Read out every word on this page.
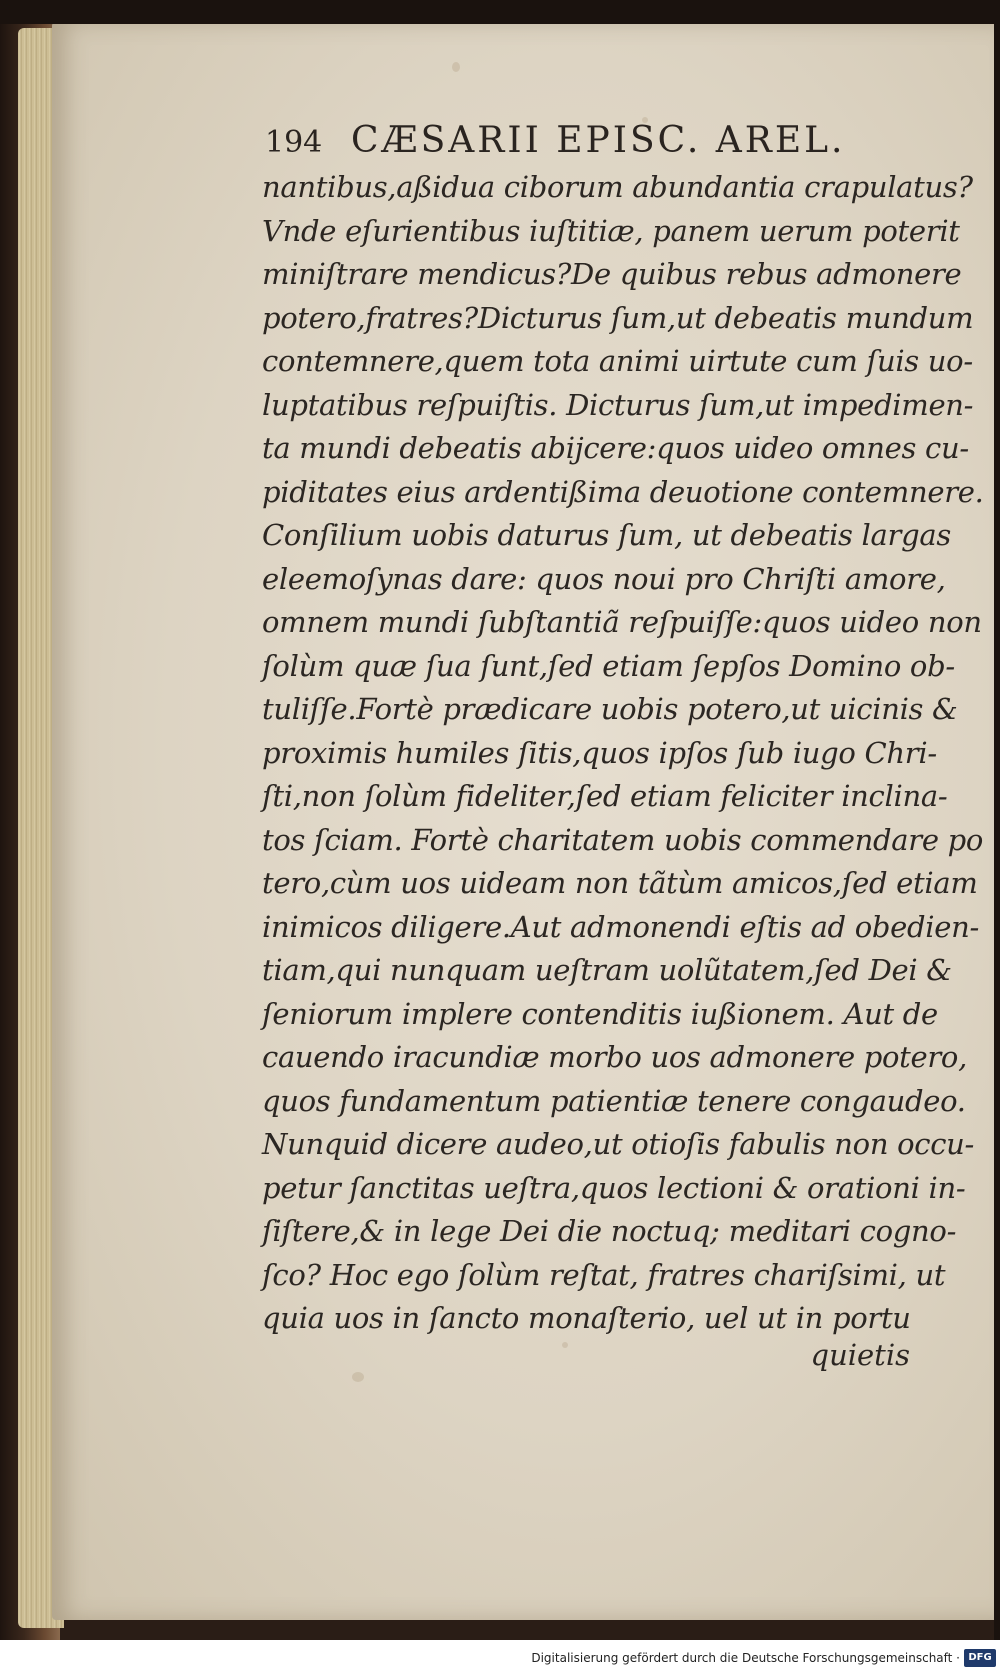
194 CÆSARII EPISC. AREL.
nantibus,aßidua ciborum abundantia crapulatus?
Vnde eſurientibus iuſtitiæ, panem uerum poterit
miniſtrare mendicus?De quibus rebus admonere
potero,fratres?Dicturus ſum,ut debeatis mundum
contemnere,quem tota animi uirtute cum ſuis uo-
luptatibus reſpuiſtis. Dicturus ſum,ut impedimen-
ta mundi debeatis abijcere:quos uideo omnes cu-
piditates eius ardentißima deuotione contemnere.
Conſilium uobis daturus ſum, ut debeatis largas
eleemoſynas dare: quos noui pro Chriſti amore,
omnem mundi ſubſtantiã reſpuiſſe:quos uideo non
ſolùm quæ ſua ſunt,ſed etiam ſepſos Domino ob-
tuliſſe.Fortè prædicare uobis potero,ut uicinis &
proximis humiles ſitis,quos ipſos ſub iugo Chri-
ſti,non ſolùm fideliter,ſed etiam feliciter inclina-
tos ſciam. Fortè charitatem uobis commendare po
tero,cùm uos uideam non tãtùm amicos,ſed etiam
inimicos diligere.Aut admonendi eſtis ad obedien-
tiam,qui nunquam ueſtram uolũtatem,ſed Dei &
ſeniorum implere contenditis iußionem. Aut de
cauendo iracundiæ morbo uos admonere potero,
quos fundamentum patientiæ tenere congaudeo.
Nunquid dicere audeo,ut otioſis fabulis non occu-
petur ſanctitas ueſtra,quos lectioni & orationi in-
ſiſtere,& in lege Dei die noctuq; meditari cogno-
ſco? Hoc ego ſolùm reſtat, fratres chariſsimi, ut
quia uos in ſancto monaſterio, uel ut in portu
quietis
Digitalisierung gefördert durch die Deutsche Forschungsgemeinschaft · DFG
